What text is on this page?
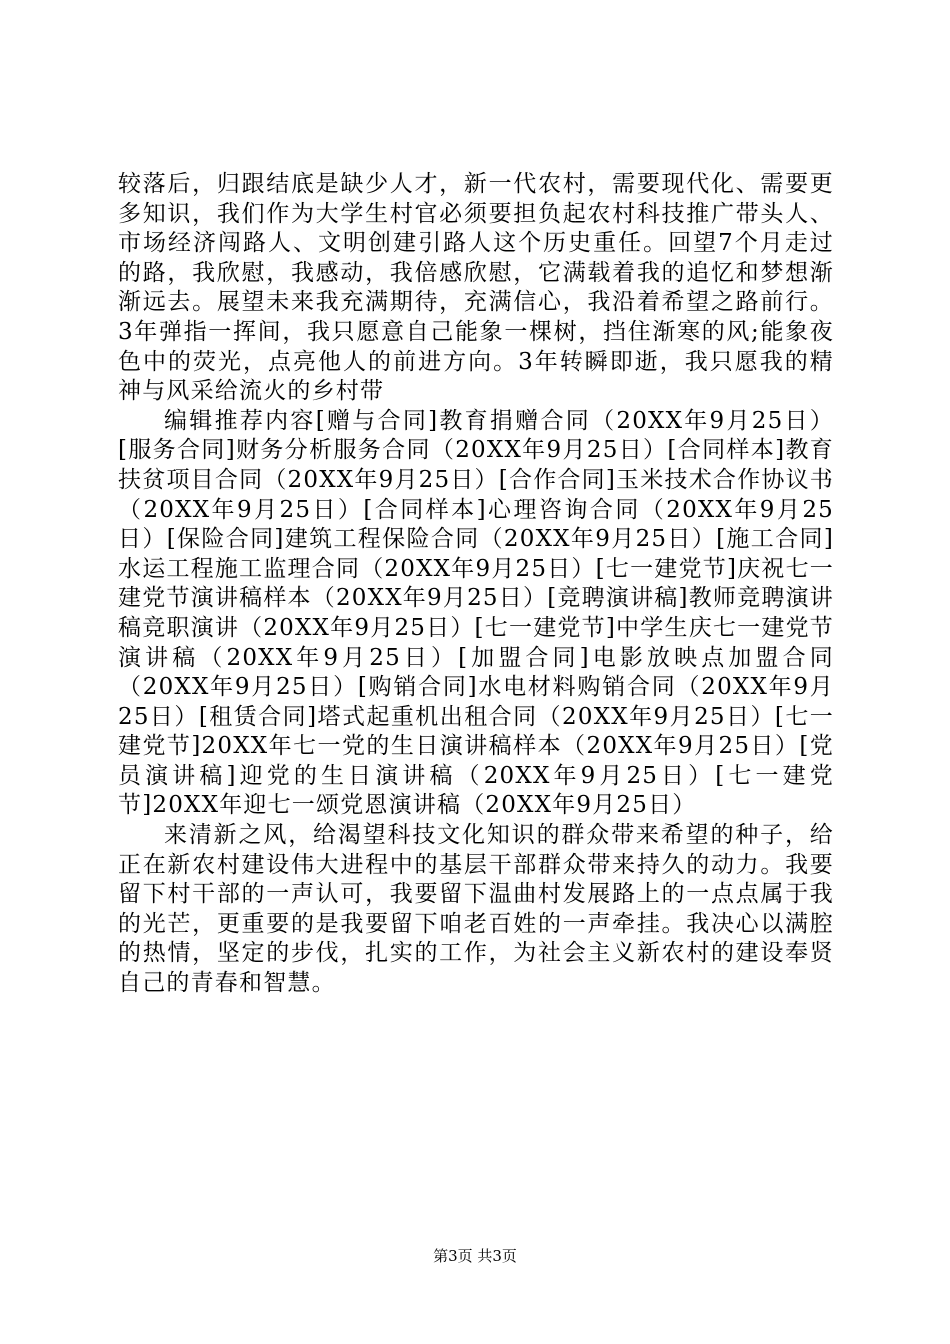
较落后，归跟结底是缺少人才，新一代农村，需要现代化、需要更多知识，我们作为大学生村官必须要担负起农村科技推广带头人、市场经济闯路人、文明创建引路人这个历史重任。回望7个月走过的路，我欣慰，我感动，我倍感欣慰，它满载着我的追忆和梦想渐渐远去。展望未来我充满期待，充满信心，我沿着希望之路前行。3年弹指一挥间，我只愿意自己能象一棵树，挡住渐寒的风;能象夜色中的荧光，点亮他人的前进方向。3年转瞬即逝，我只愿我的精神与风采给流火的乡村带

编辑推荐内容[赠与合同]教育捐赠合同（20XX年9月25日）[服务合同]财务分析服务合同（20XX年9月25日）[合同样本]教育扶贫项目合同（20XX年9月25日）[合作合同]玉米技术合作协议书（20XX年9月25日）[合同样本]心理咨询合同（20XX年9月25日）[保险合同]建筑工程保险合同（20XX年9月25日）[施工合同]水运工程施工监理合同（20XX年9月25日）[七一建党节]庆祝七一建党节演讲稿样本（20XX年9月25日）[竞聘演讲稿]教师竞聘演讲稿竞职演讲（20XX年9月25日）[七一建党节]中学生庆七一建党节演讲稿（20XX年9月25日）[加盟合同]电影放映点加盟合同（20XX年9月25日）[购销合同]水电材料购销合同（20XX年9月25日）[租赁合同]塔式起重机出租合同（20XX年9月25日）[七一建党节]20XX年七一党的生日演讲稿样本（20XX年9月25日）[党员演讲稿]迎党的生日演讲稿（20XX年9月25日）[七一建党节]20XX年迎七一颂党恩演讲稿（20XX年9月25日）

来清新之风，给渴望科技文化知识的群众带来希望的种子，给正在新农村建设伟大进程中的基层干部群众带来持久的动力。我要留下村干部的一声认可，我要留下温曲村发展路上的一点点属于我的光芒，更重要的是我要留下咱老百姓的一声牵挂。我决心以满腔的热情，坚定的步伐，扎实的工作，为社会主义新农村的建设奉贤自己的青春和智慧。

第3页 共3页
